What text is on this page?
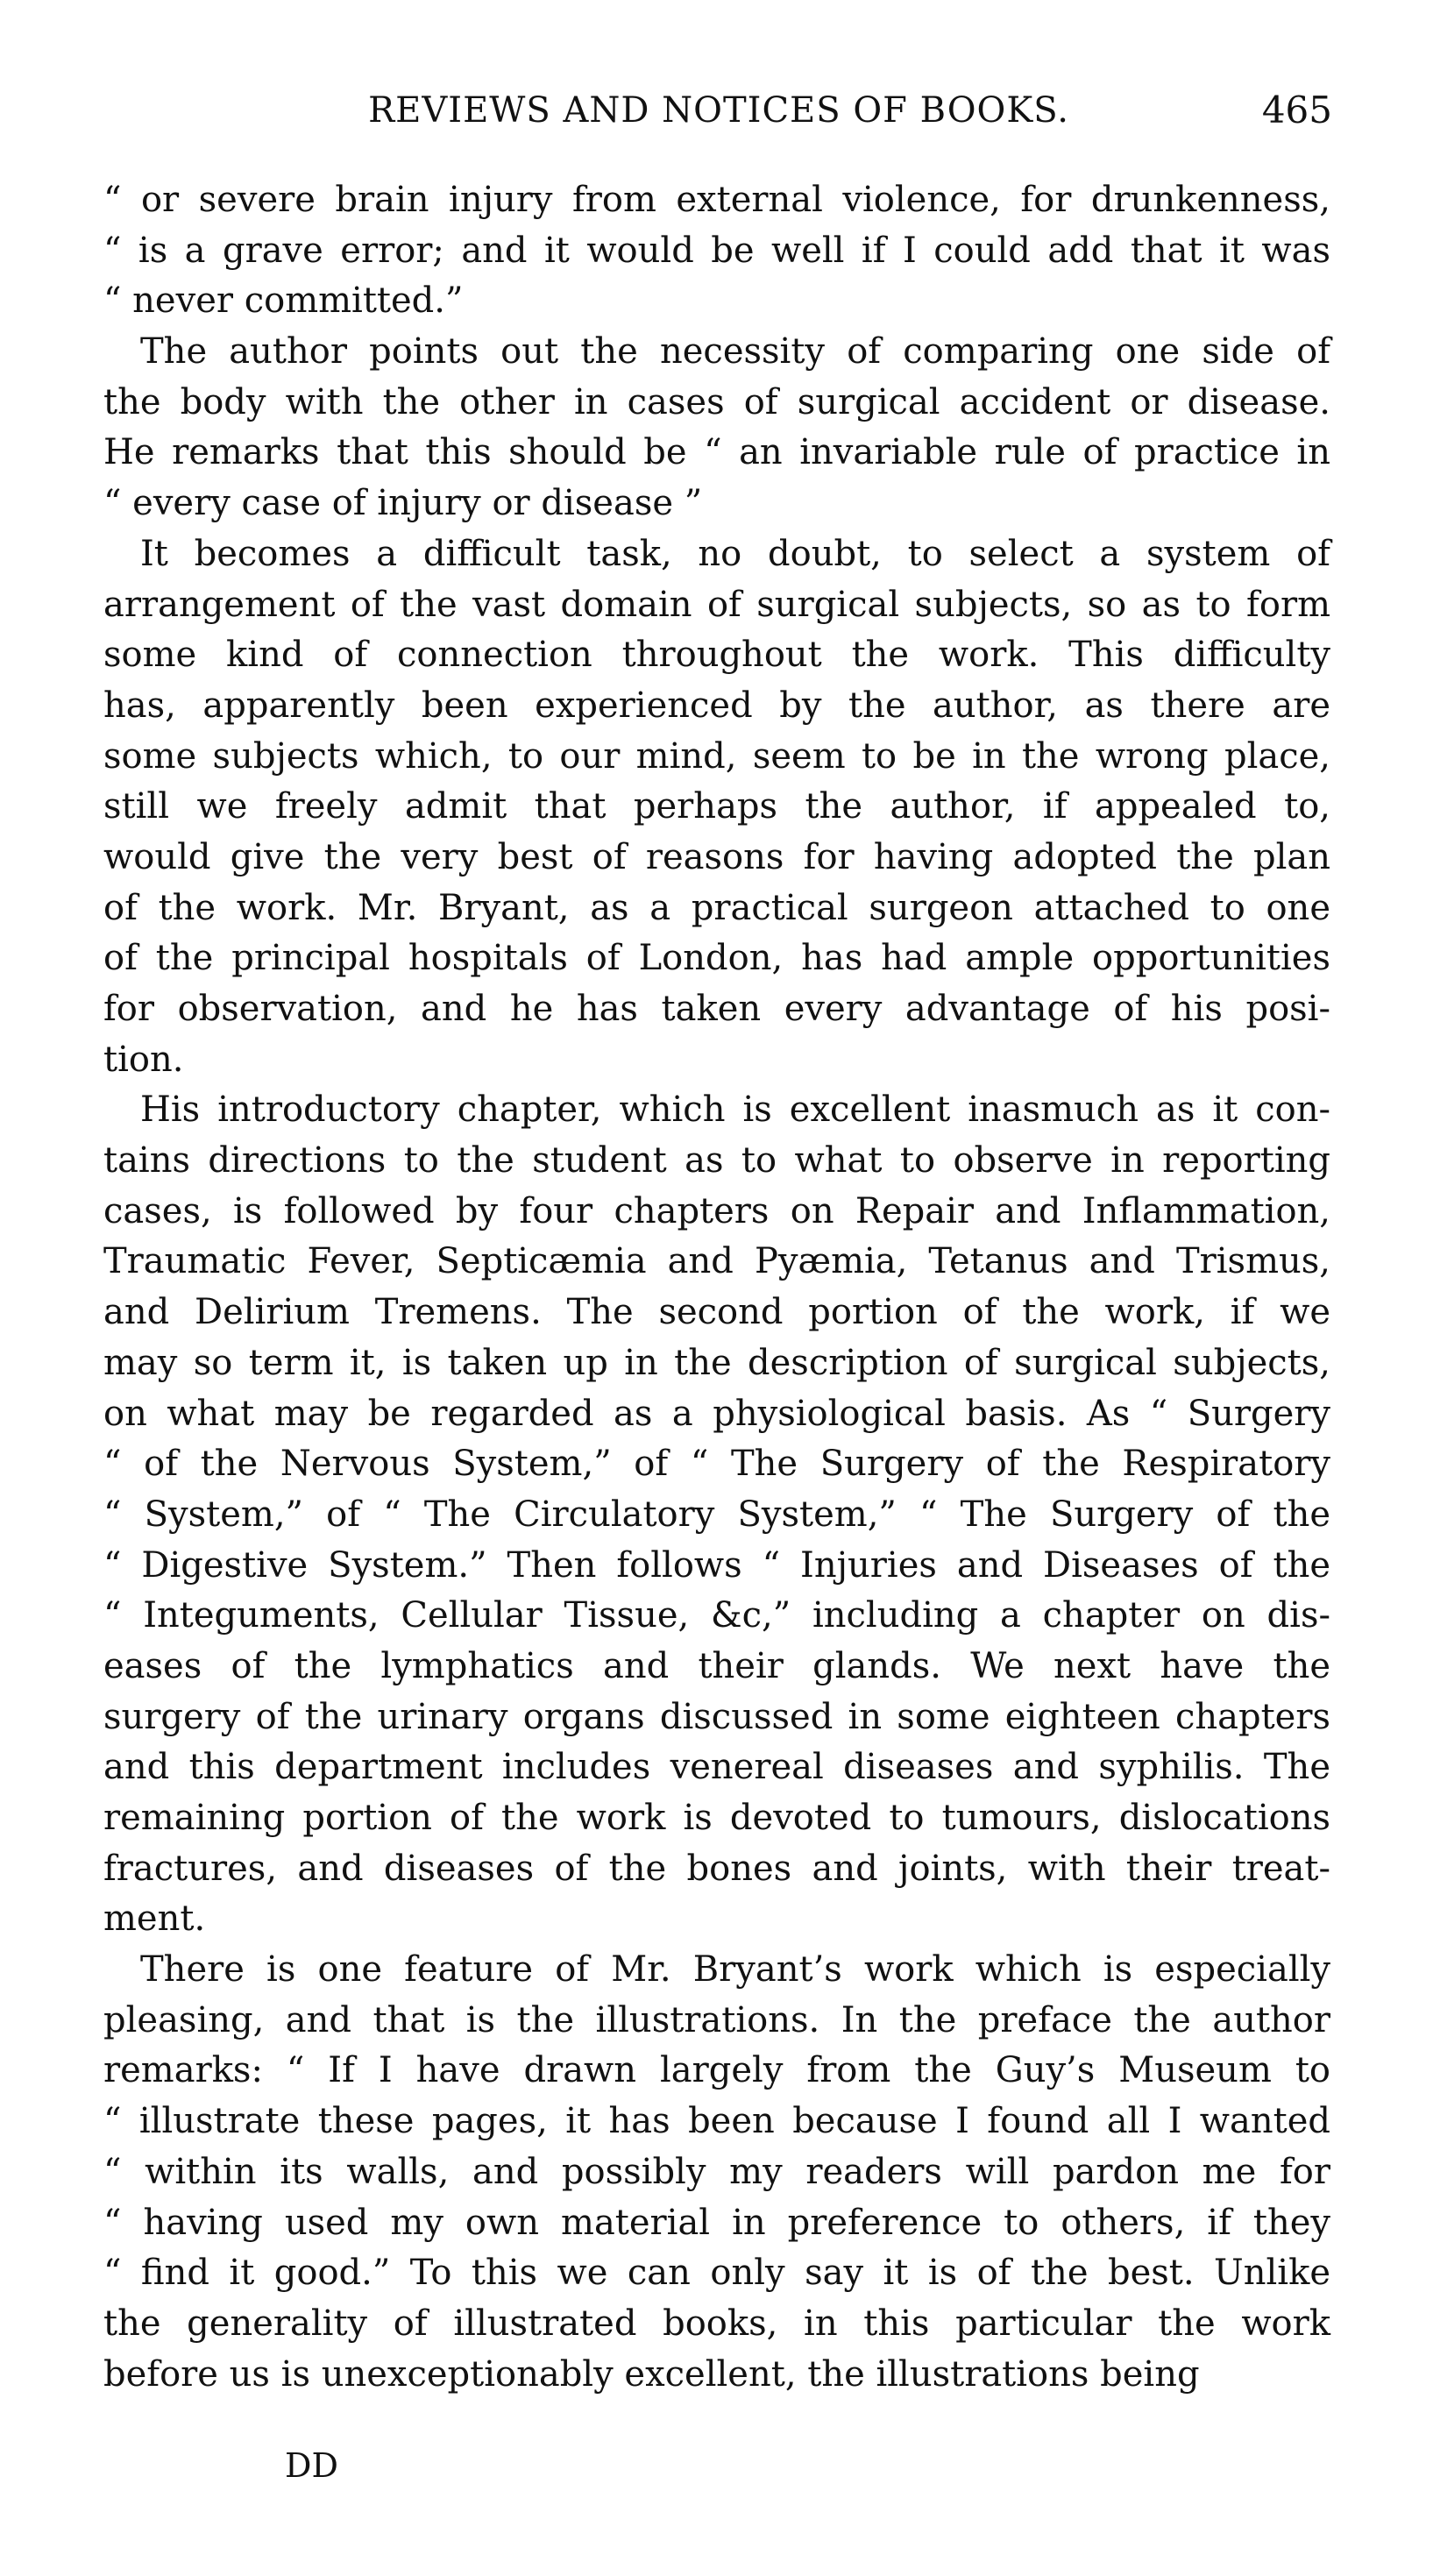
REVIEWS AND NOTICES OF BOOKS.	465
“ or severe brain injury from external violence, for drunkenness,
“ is a grave error; and it would be well if I could add that it was
“ never committed.”
The author points out the necessity of comparing one side of
the body with the other in cases of surgical accident or disease.
He remarks that this should be “ an invariable rule of practice in
“ every case of injury or disease ”
It becomes a difficult task, no doubt, to select a system of
arrangement of the vast domain of surgical subjects, so as to form
some kind of connection throughout the work. This difficulty
has, apparently been experienced by the author, as there are
some subjects which, to our mind, seem to be in the wrong place,
still we freely admit that perhaps the author, if appealed to,
would give the very best of reasons for having adopted the plan
of the work. Mr. Bryant, as a practical surgeon attached to one
of the principal hospitals of London, has had ample opportunities
for observation, and he has taken every advantage of his posi-
tion.
His introductory chapter, which is excellent inasmuch as it con-
tains directions to the student as to what to observe in reporting
cases, is followed by four chapters on Repair and Inflammation,
Traumatic Fever, Septicæmia and Pyæmia, Tetanus and Trismus,
and Delirium Tremens. The second portion of the work, if we
may so term it, is taken up in the description of surgical subjects,
on what may be regarded as a physiological basis. As “ Surgery
“ of the Nervous System,” of “ The Surgery of the Respiratory
“ System,” of “ The Circulatory System,” “ The Surgery of the
“ Digestive System.” Then follows “ Injuries and Diseases of the
“ Integuments, Cellular Tissue, &c,” including a chapter on dis-
eases of the lymphatics and their glands. We next have the
surgery of the urinary organs discussed in some eighteen chapters
and this department includes venereal diseases and syphilis. The
remaining portion of the work is devoted to tumours, dislocations
fractures, and diseases of the bones and joints, with their treat-
ment.
There is one feature of Mr. Bryant’s work which is especially
pleasing, and that is the illustrations. In the preface the author
remarks: “ If I have drawn largely from the Guy’s Museum to
“ illustrate these pages, it has been because I found all I wanted
“ within its walls, and possibly my readers will pardon me for
“ having used my own material in preference to others, if they
“ find it good.” To this we can only say it is of the best. Unlike
the generality of illustrated books, in this particular the work
before us is unexceptionably excellent, the illustrations being
DD
